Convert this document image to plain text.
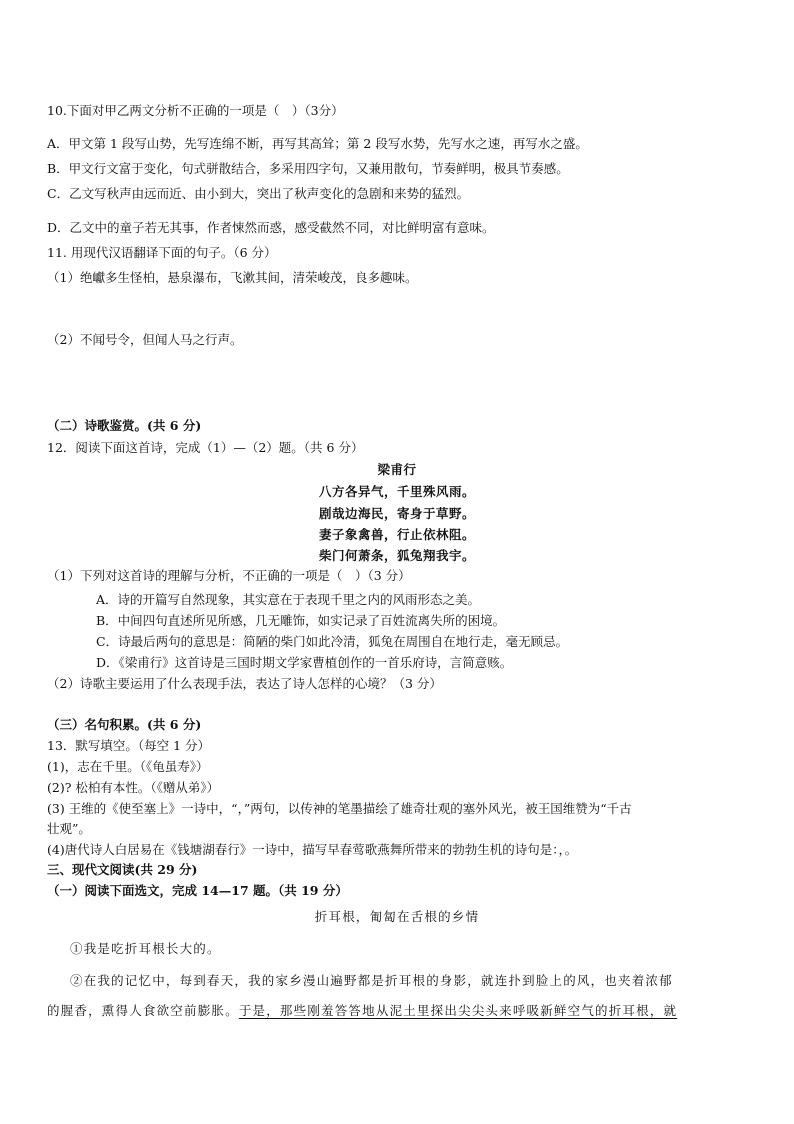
10.下面对甲乙两文分析不正确的一项是（　）（3分）
A．甲文第 1 段写山势，先写连绵不断，再写其高耸；第 2 段写水势，先写水之速，再写水之盛。
B．甲文行文富于变化，句式骈散结合，多采用四字句，又兼用散句，节奏鲜明，极具节奏感。
C．乙文写秋声由远而近、由小到大，突出了秋声变化的急剧和来势的猛烈。
D．乙文中的童子若无其事，作者悚然而惑，感受截然不同，对比鲜明富有意味。
11. 用现代汉语翻译下面的句子。（6 分）
（1）绝巘多生怪柏，悬泉瀑布，飞漱其间，清荣峻茂，良多趣味。
（2）不闻号令，但闻人马之行声。
（二）诗歌鉴赏。(共 6 分)
12．阅读下面这首诗，完成（1）—（2）题。（共 6 分）
梁甫行
八方各异气，千里殊风雨。
剧哉边海民，寄身于草野。
妻子象禽兽，行止依林阻。
柴门何萧条，狐兔翔我宇。
（1）下列对这首诗的理解与分析，不正确的一项是（　）（3 分）
A．诗的开篇写自然现象，其实意在于表现千里之内的风雨形态之美。
B．中间四句直述所见所感，几无雕饰，如实记录了百姓流离失所的困境。
C．诗最后两句的意思是：简陋的柴门如此冷清，狐兔在周围自在地行走，毫无顾忌。
D．《梁甫行》这首诗是三国时期文学家曹植创作的一首乐府诗，言简意赅。
（2）诗歌主要运用了什么表现手法，表达了诗人怎样的心境？（3 分）
（三）名句积累。(共 6 分)
13．默写填空。（每空 1 分）
(1)，志在千里。（《龟虽寿》）
(2)? 松柏有本性。（《赠从弟》）
(3) 王维的《使至塞上》一诗中，“，”两句，以传神的笔墨描绘了雄奇壮观的塞外风光，被王国维赞为“千古
壮观”。
(4)唐代诗人白居易在《钱塘湖春行》一诗中，描写早春莺歌燕舞所带来的勃勃生机的诗句是：，。
三、现代文阅读(共 29 分)
（一）阅读下面选文，完成 14—17 题。（共 19 分）
折耳根，匍匐在舌根的乡情
①我是吃折耳根长大的。
②在我的记忆中，每到春天，我的家乡漫山遍野都是折耳根的身影，就连扑到脸上的风，也夹着浓郁
的腥香，熏得人食欲空前膨胀。于是，那些刚羞答答地从泥土里探出尖尖头来呼吸新鲜空气的折耳根，就
